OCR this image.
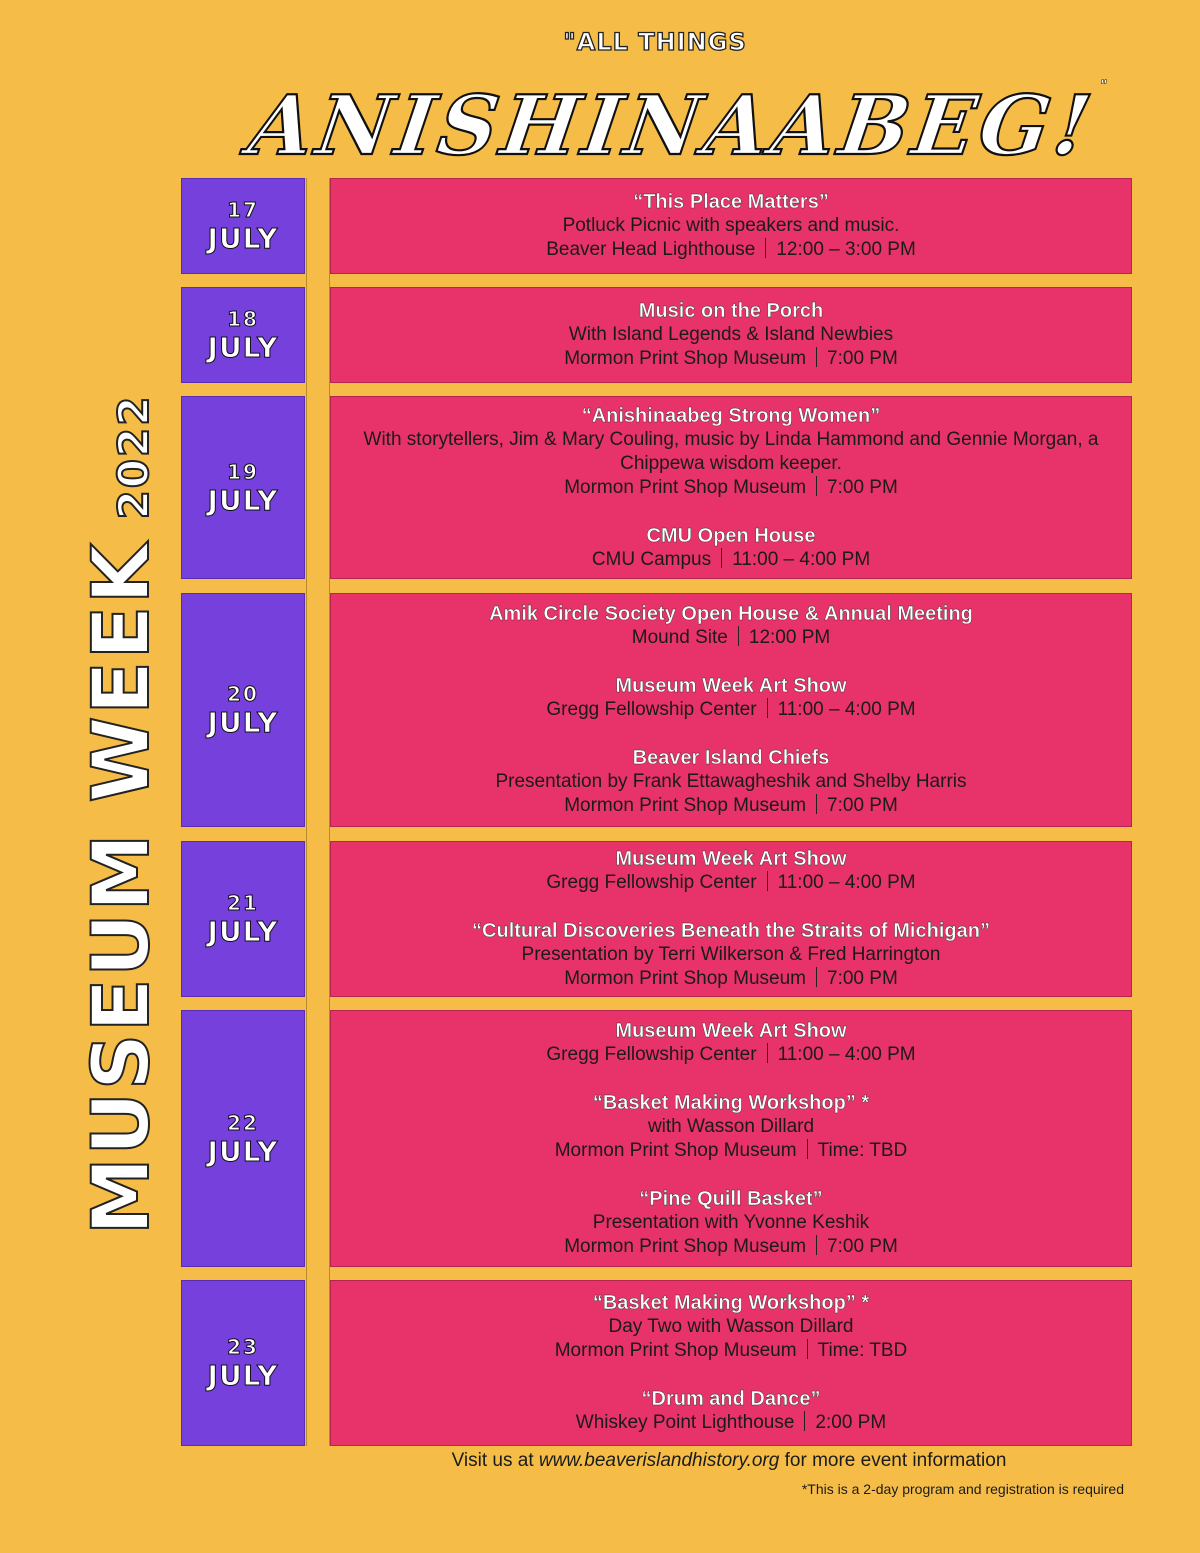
"ALL THINGS
ANISHINAABEG!"
MUSEUM WEEK2022
17
JULY
“This Place Matters”
Potluck Picnic with speakers and music.
Beaver Head Lighthouse 12:00 – 3:00 PM
18
JULY
Music on the Porch
With Island Legends & Island Newbies
Mormon Print Shop Museum 7:00 PM
19
JULY
“Anishinaabeg Strong Women”
With storytellers, Jim & Mary Couling, music by Linda Hammond and Gennie Morgan, a Chippewa wisdom keeper.
Mormon Print Shop Museum 7:00 PM
CMU Open House
CMU Campus 11:00 – 4:00 PM
20
JULY
Amik Circle Society Open House & Annual Meeting
Mound Site 12:00 PM
Museum Week Art Show
Gregg Fellowship Center 11:00 – 4:00 PM
Beaver Island Chiefs
Presentation by Frank Ettawagheshik and Shelby Harris
Mormon Print Shop Museum 7:00 PM
21
JULY
Museum Week Art Show
Gregg Fellowship Center 11:00 – 4:00 PM
“Cultural Discoveries Beneath the Straits of Michigan”
Presentation by Terri Wilkerson & Fred Harrington
Mormon Print Shop Museum 7:00 PM
22
JULY
Museum Week Art Show
Gregg Fellowship Center 11:00 – 4:00 PM
“Basket Making Workshop” *
with Wasson Dillard
Mormon Print Shop Museum Time: TBD
“Pine Quill Basket”
Presentation with Yvonne Keshik
Mormon Print Shop Museum 7:00 PM
23
JULY
“Basket Making Workshop” *
Day Two with Wasson Dillard
Mormon Print Shop Museum Time: TBD
“Drum and Dance”
Whiskey Point Lighthouse 2:00 PM
Visit us at www.beaverislandhistory.org for more event information
*This is a 2-day program and registration is required
